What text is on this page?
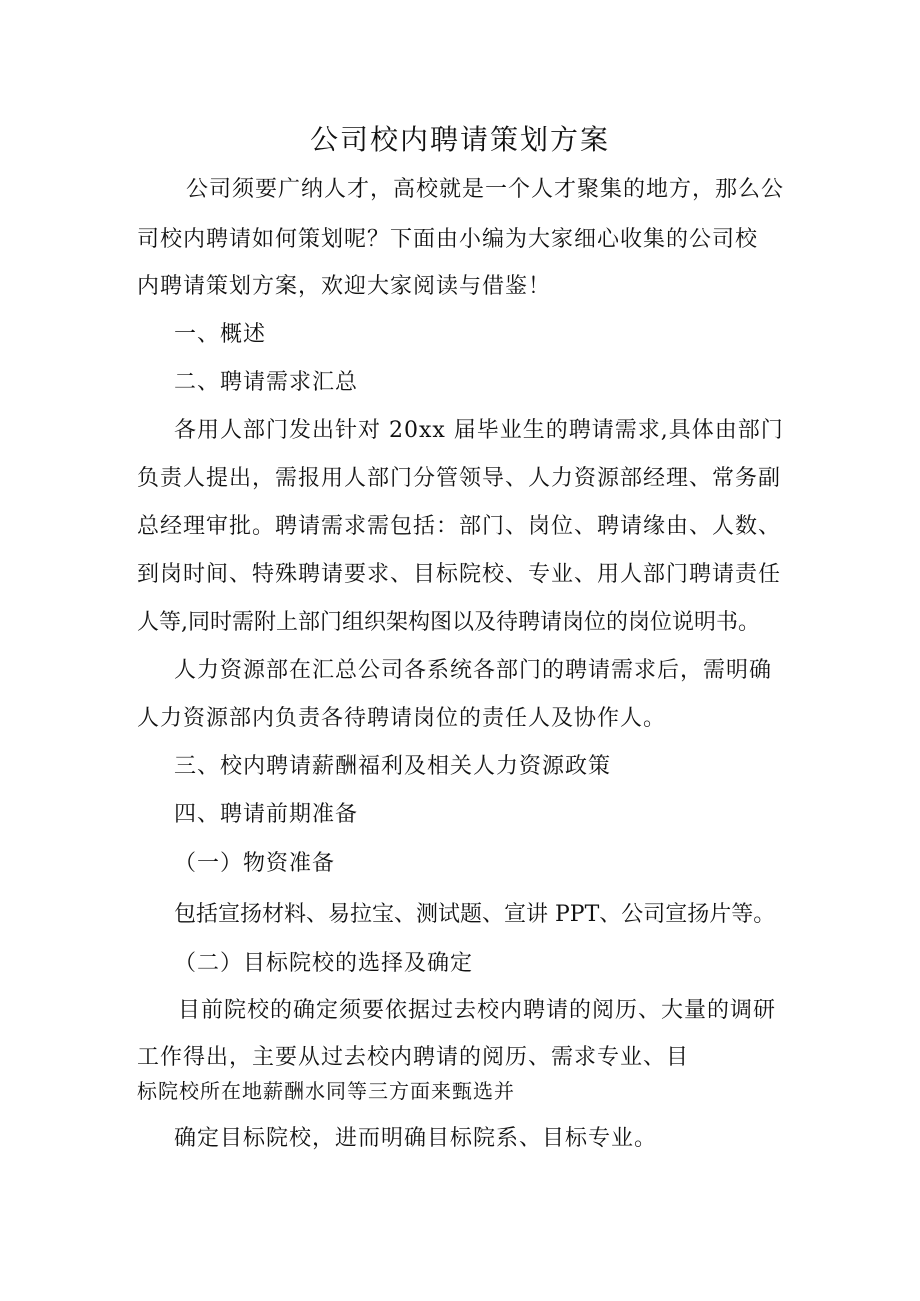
公司校内聘请策划方案

公司须要广纳人才，高校就是一个人才聚集的地方，那么公

司校内聘请如何策划呢？下面由小编为大家细心收集的公司校

内聘请策划方案，欢迎大家阅读与借鉴！

一、概述

二、聘请需求汇总

各用人部门发出针对 20xx 届毕业生的聘请需求,具体由部门

负责人提出，需报用人部门分管领导、人力资源部经理、常务副

总经理审批。聘请需求需包括：部门、岗位、聘请缘由、人数、

到岗时间、特殊聘请要求、目标院校、专业、用人部门聘请责任

人等,同时需附上部门组织架构图以及待聘请岗位的岗位说明书。

人力资源部在汇总公司各系统各部门的聘请需求后，需明确

人力资源部内负责各待聘请岗位的责任人及协作人。

三、校内聘请薪酬福利及相关人力资源政策

四、聘请前期准备

（一）物资准备

包括宣扬材料、易拉宝、测试题、宣讲 PPT、公司宣扬片等。

（二）目标院校的选择及确定

目前院校的确定须要依据过去校内聘请的阅历、大量的调研

工作得出，主要从过去校内聘请的阅历、需求专业、目

标院校所在地薪酬水同等三方面来甄选并

确定目标院校，进而明确目标院系、目标专业。
